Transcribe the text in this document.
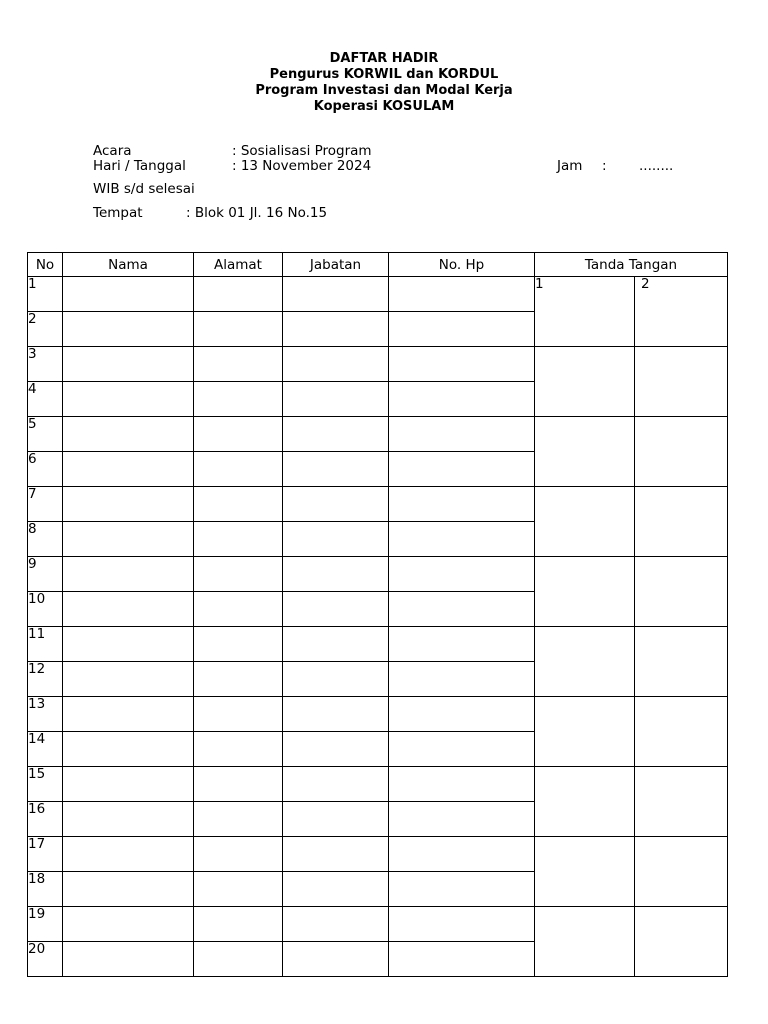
DAFTAR HADIR
Pengurus KORWIL dan KORDUL
Program Investasi dan Modal Kerja
Koperasi KOSULAM
Acara	: Sosialisasi Program
Hari / Tanggal	: 13 November 2024	Jam : ........
WIB s/d selesai
Tempat	: Blok 01 Jl. 16 No.15
No	Nama	Alamat	Jabatan	No. Hp	Tanda Tangan	
1					1	2
2						
3						
4						
5						
6						
7						
8						
9						
10						
11						
12						
13						
14						
15						
16						
17						
18						
19						
20						
